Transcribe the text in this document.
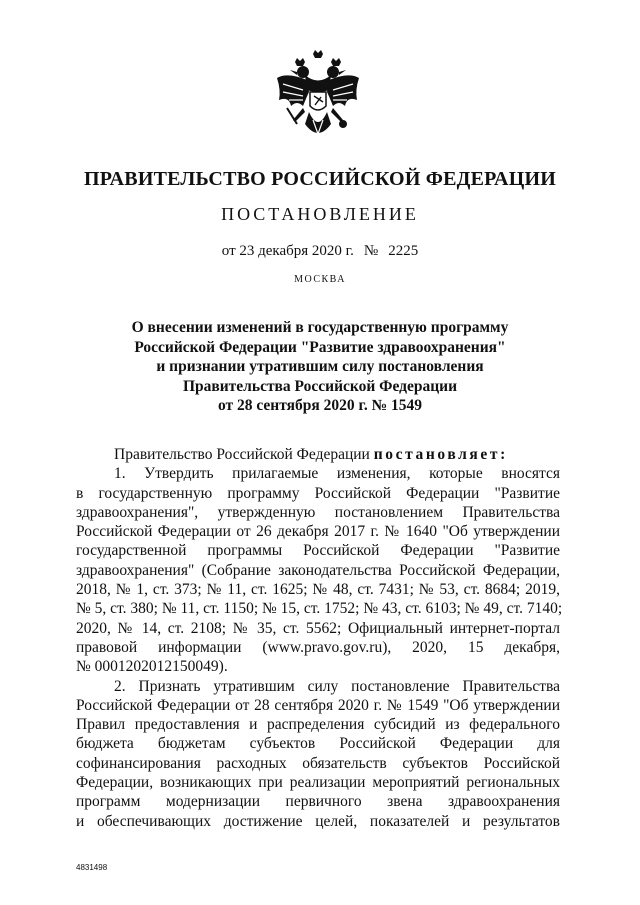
ПРАВИТЕЛЬСТВО РОССИЙСКОЙ ФЕДЕРАЦИИ
ПОСТАНОВЛЕНИЕ
от 23 декабря 2020 г. № 2225
МОСКВА
О внесении изменений в государственную программу
Российской Федерации "Развитие здравоохранения"
и признании утратившим силу постановления
Правительства Российской Федерации
от 28 сентября 2020 г. № 1549
Правительство Российской Федерации постановляет:
1. Утвердить прилагаемые изменения, которые вносятся
в государственную программу Российской Федерации "Развитие
здравоохранения", утвержденную постановлением Правительства
Российской Федерации от 26 декабря 2017 г. № 1640 "Об утверждении
государственной программы Российской Федерации "Развитие
здравоохранения" (Собрание законодательства Российской Федерации,
2018, № 1, ст. 373; № 11, ст. 1625; № 48, ст. 7431; № 53, ст. 8684; 2019,
№ 5, ст. 380; № 11, ст. 1150; № 15, ст. 1752; № 43, ст. 6103; № 49, ст. 7140;
2020, № 14, ст. 2108; № 35, ст. 5562; Официальный интернет-портал
правовой информации (www.pravo.gov.ru), 2020, 15 декабря,
№ 0001202012150049).
2. Признать утратившим силу постановление Правительства
Российской Федерации от 28 сентября 2020 г. № 1549 "Об утверждении
Правил предоставления и распределения субсидий из федерального
бюджета бюджетам субъектов Российской Федерации для
софинансирования расходных обязательств субъектов Российской
Федерации, возникающих при реализации мероприятий региональных
программ модернизации первичного звена здравоохранения
и обеспечивающих достижение целей, показателей и результатов
4831498
